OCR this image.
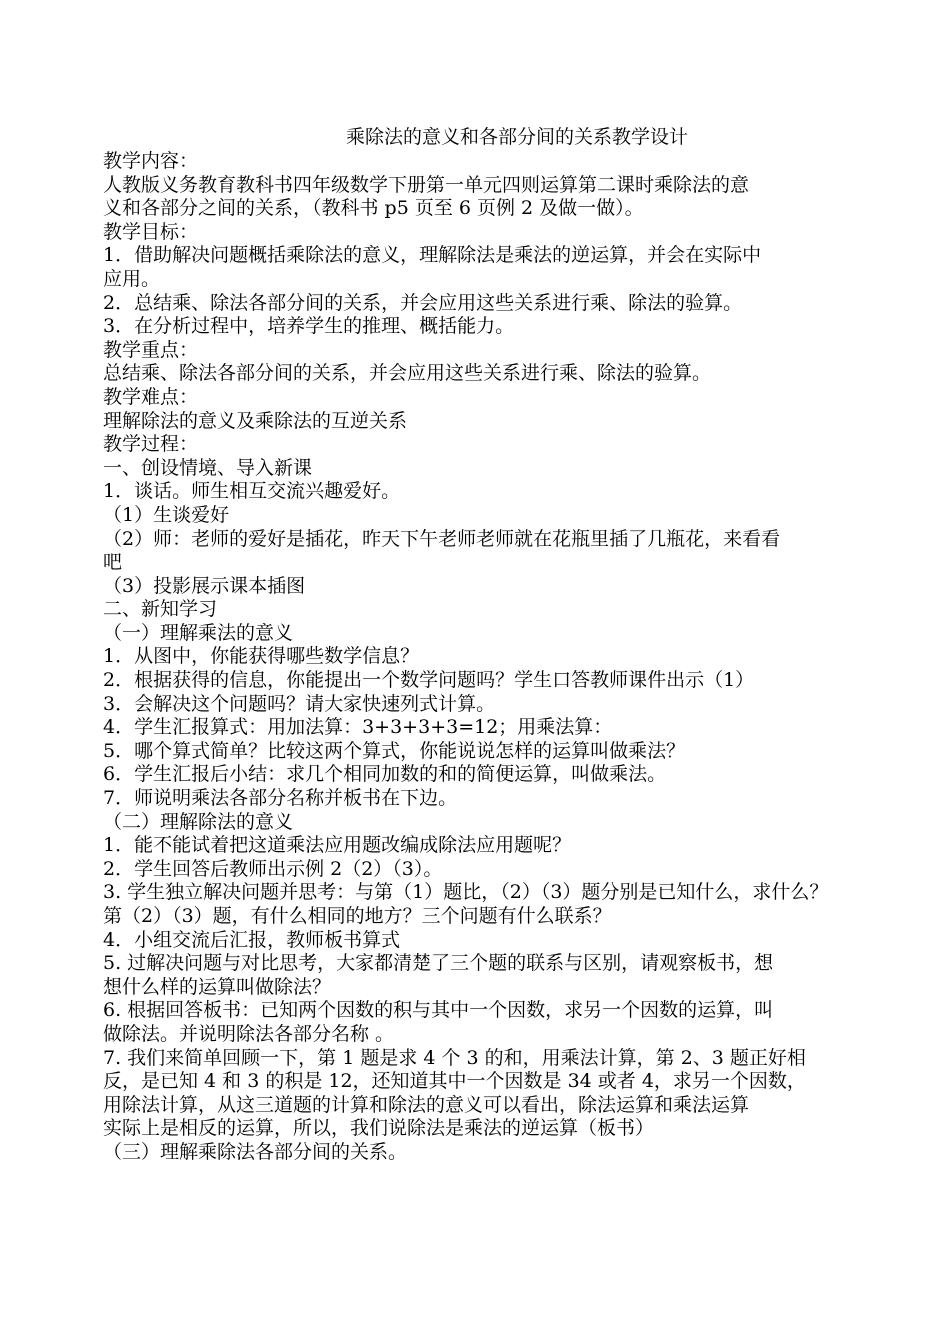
乘除法的意义和各部分间的关系教学设计

教学内容：

人教版义务教育教科书四年级数学下册第一单元四则运算第二课时乘除法的意

义和各部分之间的关系，（教科书 p5 页至 6 页例 2 及做一做）。

教学目标：

1．借助解决问题概括乘除法的意义，理解除法是乘法的逆运算，并会在实际中

应用。

2．总结乘、除法各部分间的关系，并会应用这些关系进行乘、除法的验算。

3．在分析过程中，培养学生的推理、概括能力。

教学重点：

总结乘、除法各部分间的关系，并会应用这些关系进行乘、除法的验算。

教学难点：

理解除法的意义及乘除法的互逆关系

教学过程：

一、创设情境、导入新课

1．谈话。师生相互交流兴趣爱好。

（1）生谈爱好

（2）师：老师的爱好是插花，昨天下午老师老师就在花瓶里插了几瓶花，来看看

吧

（3）投影展示课本插图

二、新知学习

（一）理解乘法的意义

1．从图中，你能获得哪些数学信息？

2．根据获得的信息，你能提出一个数学问题吗？学生口答教师课件出示（1）

3．会解决这个问题吗？请大家快速列式计算。

4．学生汇报算式：用加法算：3+3+3+3=12；用乘法算：

5．哪个算式简单？比较这两个算式，你能说说怎样的运算叫做乘法？

6．学生汇报后小结：求几个相同加数的和的简便运算，叫做乘法。

7．师说明乘法各部分名称并板书在下边。

（二）理解除法的意义

1．能不能试着把这道乘法应用题改编成除法应用题呢？

2．学生回答后教师出示例 2（2）（3）。

3. 学生独立解决问题并思考：与第（1）题比，（2）（3）题分别是已知什么，求什么？

第（2）（3）题，有什么相同的地方？三个问题有什么联系？

4．小组交流后汇报，教师板书算式

5. 过解决问题与对比思考，大家都清楚了三个题的联系与区别，请观察板书，想

想什么样的运算叫做除法？

6. 根据回答板书：已知两个因数的积与其中一个因数，求另一个因数的运算，叫

做除法。并说明除法各部分名称 。

7. 我们来简单回顾一下，第 1 题是求 4 个 3 的和，用乘法计算，第 2、3 题正好相

反，是已知 4 和 3 的积是 12，还知道其中一个因数是 34 或者 4，求另一个因数，

用除法计算，从这三道题的计算和除法的意义可以看出，除法运算和乘法运算

实际上是相反的运算，所以，我们说除法是乘法的逆运算（板书）

（三）理解乘除法各部分间的关系。
